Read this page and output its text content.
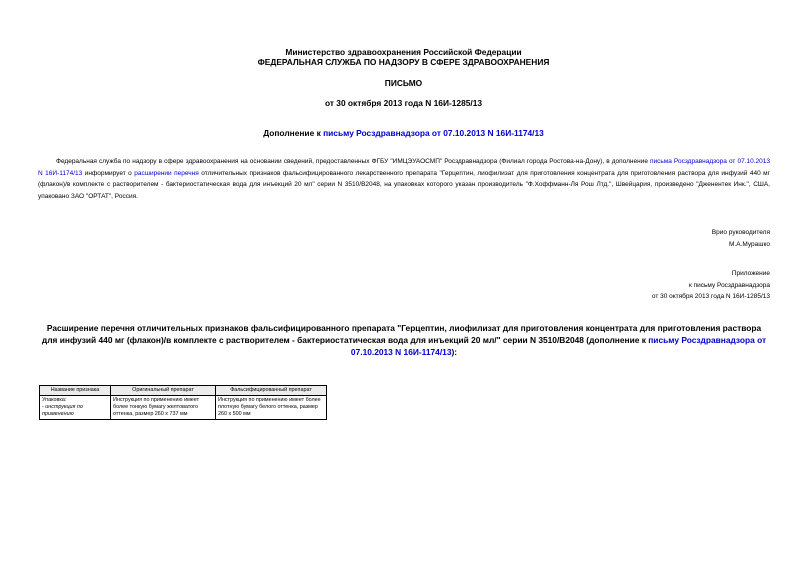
Министерство здравоохранения Российской Федерации
ФЕДЕРАЛЬНАЯ СЛУЖБА ПО НАДЗОРУ В СФЕРЕ ЗДРАВООХРАНЕНИЯ
ПИСЬМО
от 30 октября 2013 года N 16И-1285/13
Дополнение к письму Росздравнадзора от 07.10.2013 N 16И-1174/13
Федеральная служба по надзору в сфере здравоохранения на основании сведений, предоставленных ФГБУ "ИМЦЭУАОСМП" Росздравнадзора (Филиал города Ростова-на-Дону), в дополнение письма Росздравнадзора от 07.10.2013 N 16И-1174/13 информирует о расширении перечня отличительных признаков фальсифицированного лекарственного препарата "Герцептин, лиофилизат для приготовления концентрата для приготовления раствора для инфузий 440 мг (флакон)/в комплекте с растворителем - бактериостатическая вода для инъекций 20 мл" серии N 3510/B2048, на упаковках которого указан производитель "Ф.Хоффманн-Ля Рош Лтд.", Швейцария, произведено "Дженентек Инк.", США, упаковано ЗАО "ОРТАТ", Россия.
Врио руководителя
М.А.Мурашко
Приложение
к письму Росздравнадзора
от 30 октября 2013 года N 16И-1285/13
Расширение перечня отличительных признаков фальсифицированного препарата "Герцептин, лиофилизат для приготовления концентрата для приготовления раствора для инфузий 440 мг (флакон)/в комплекте с растворителем - бактериостатическая вода для инъекций 20 мл/" серии N 3510/B2048 (дополнение к письму Росздравнадзора от 07.10.2013 N 16И-1174/13):
Название признака	Оригинальный препарат	Фальсифицированный препарат
Упаковка:
- инструкция по применению	Инструкция по применению имеет более тонкую бумагу желтоватого оттенка, размер 260 х 737 мм	Инструкция по применению имеет более плотную бумагу белого оттенка, размер 260 х 500 мм
